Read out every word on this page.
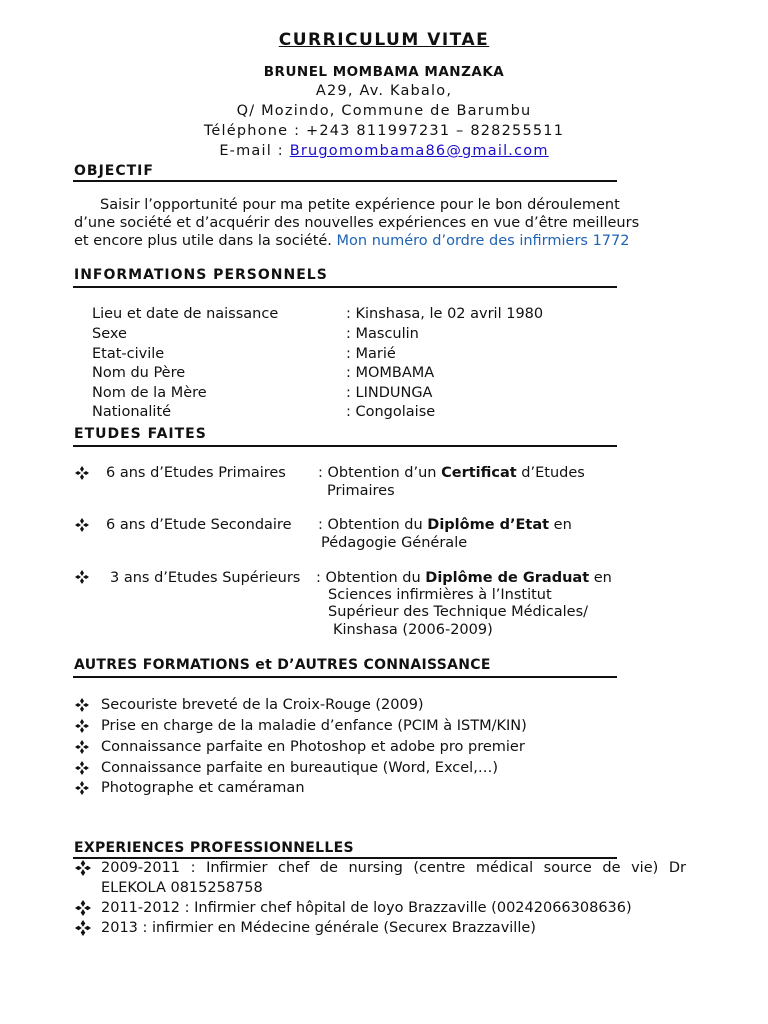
CURRICULUM VITAE
BRUNEL MOMBAMA MANZAKA
A29, Av. Kabalo,
Q/ Mozindo, Commune de Barumbu
Téléphone : +243 811997231 – 828255511
E-mail : Brugomombama86@gmail.com
OBJECTIF
Saisir l’opportunité pour ma petite expérience pour le bon déroulement
d’une société et d’acquérir des nouvelles expériences en vue d’être meilleurs
et encore plus utile dans la société. Mon numéro d’ordre des infirmiers 1772
INFORMATIONS PERSONNELS
Lieu et date de naissance	: Kinshasa, le 02 avril 1980
Sexe	: Masculin
Etat-civile	: Marié
Nom du Père	: MOMBAMA
Nom de la Mère	: LINDUNGA
Nationalité	: Congolaise
ETUDES FAITES
6 ans d’Etudes Primaires : Obtention d’un Certificat d’Etudes
Primaires
6 ans d’Etude Secondaire : Obtention du Diplôme d’Etat en
Pédagogie Générale
3 ans d’Etudes Supérieurs : Obtention du Diplôme de Graduat en
Sciences infirmières à l’Institut
Supérieur des Technique Médicales/
Kinshasa (2006-2009)
AUTRES FORMATIONS et D’AUTRES CONNAISSANCE
Secouriste breveté de la Croix-Rouge (2009)
Prise en charge de la maladie d’enfance (PCIM à ISTM/KIN)
Connaissance parfaite en Photoshop et adobe pro premier
Connaissance parfaite en bureautique (Word, Excel,…)
Photographe et caméraman
EXPERIENCES PROFESSIONNELLES
2009-2011 : Infirmier chef de nursing (centre médical source de vie) Dr
ELEKOLA 0815258758
2011-2012 : Infirmier chef hôpital de loyo Brazzaville (00242066308636)
2013 : infirmier en Médecine générale (Securex Brazzaville)
